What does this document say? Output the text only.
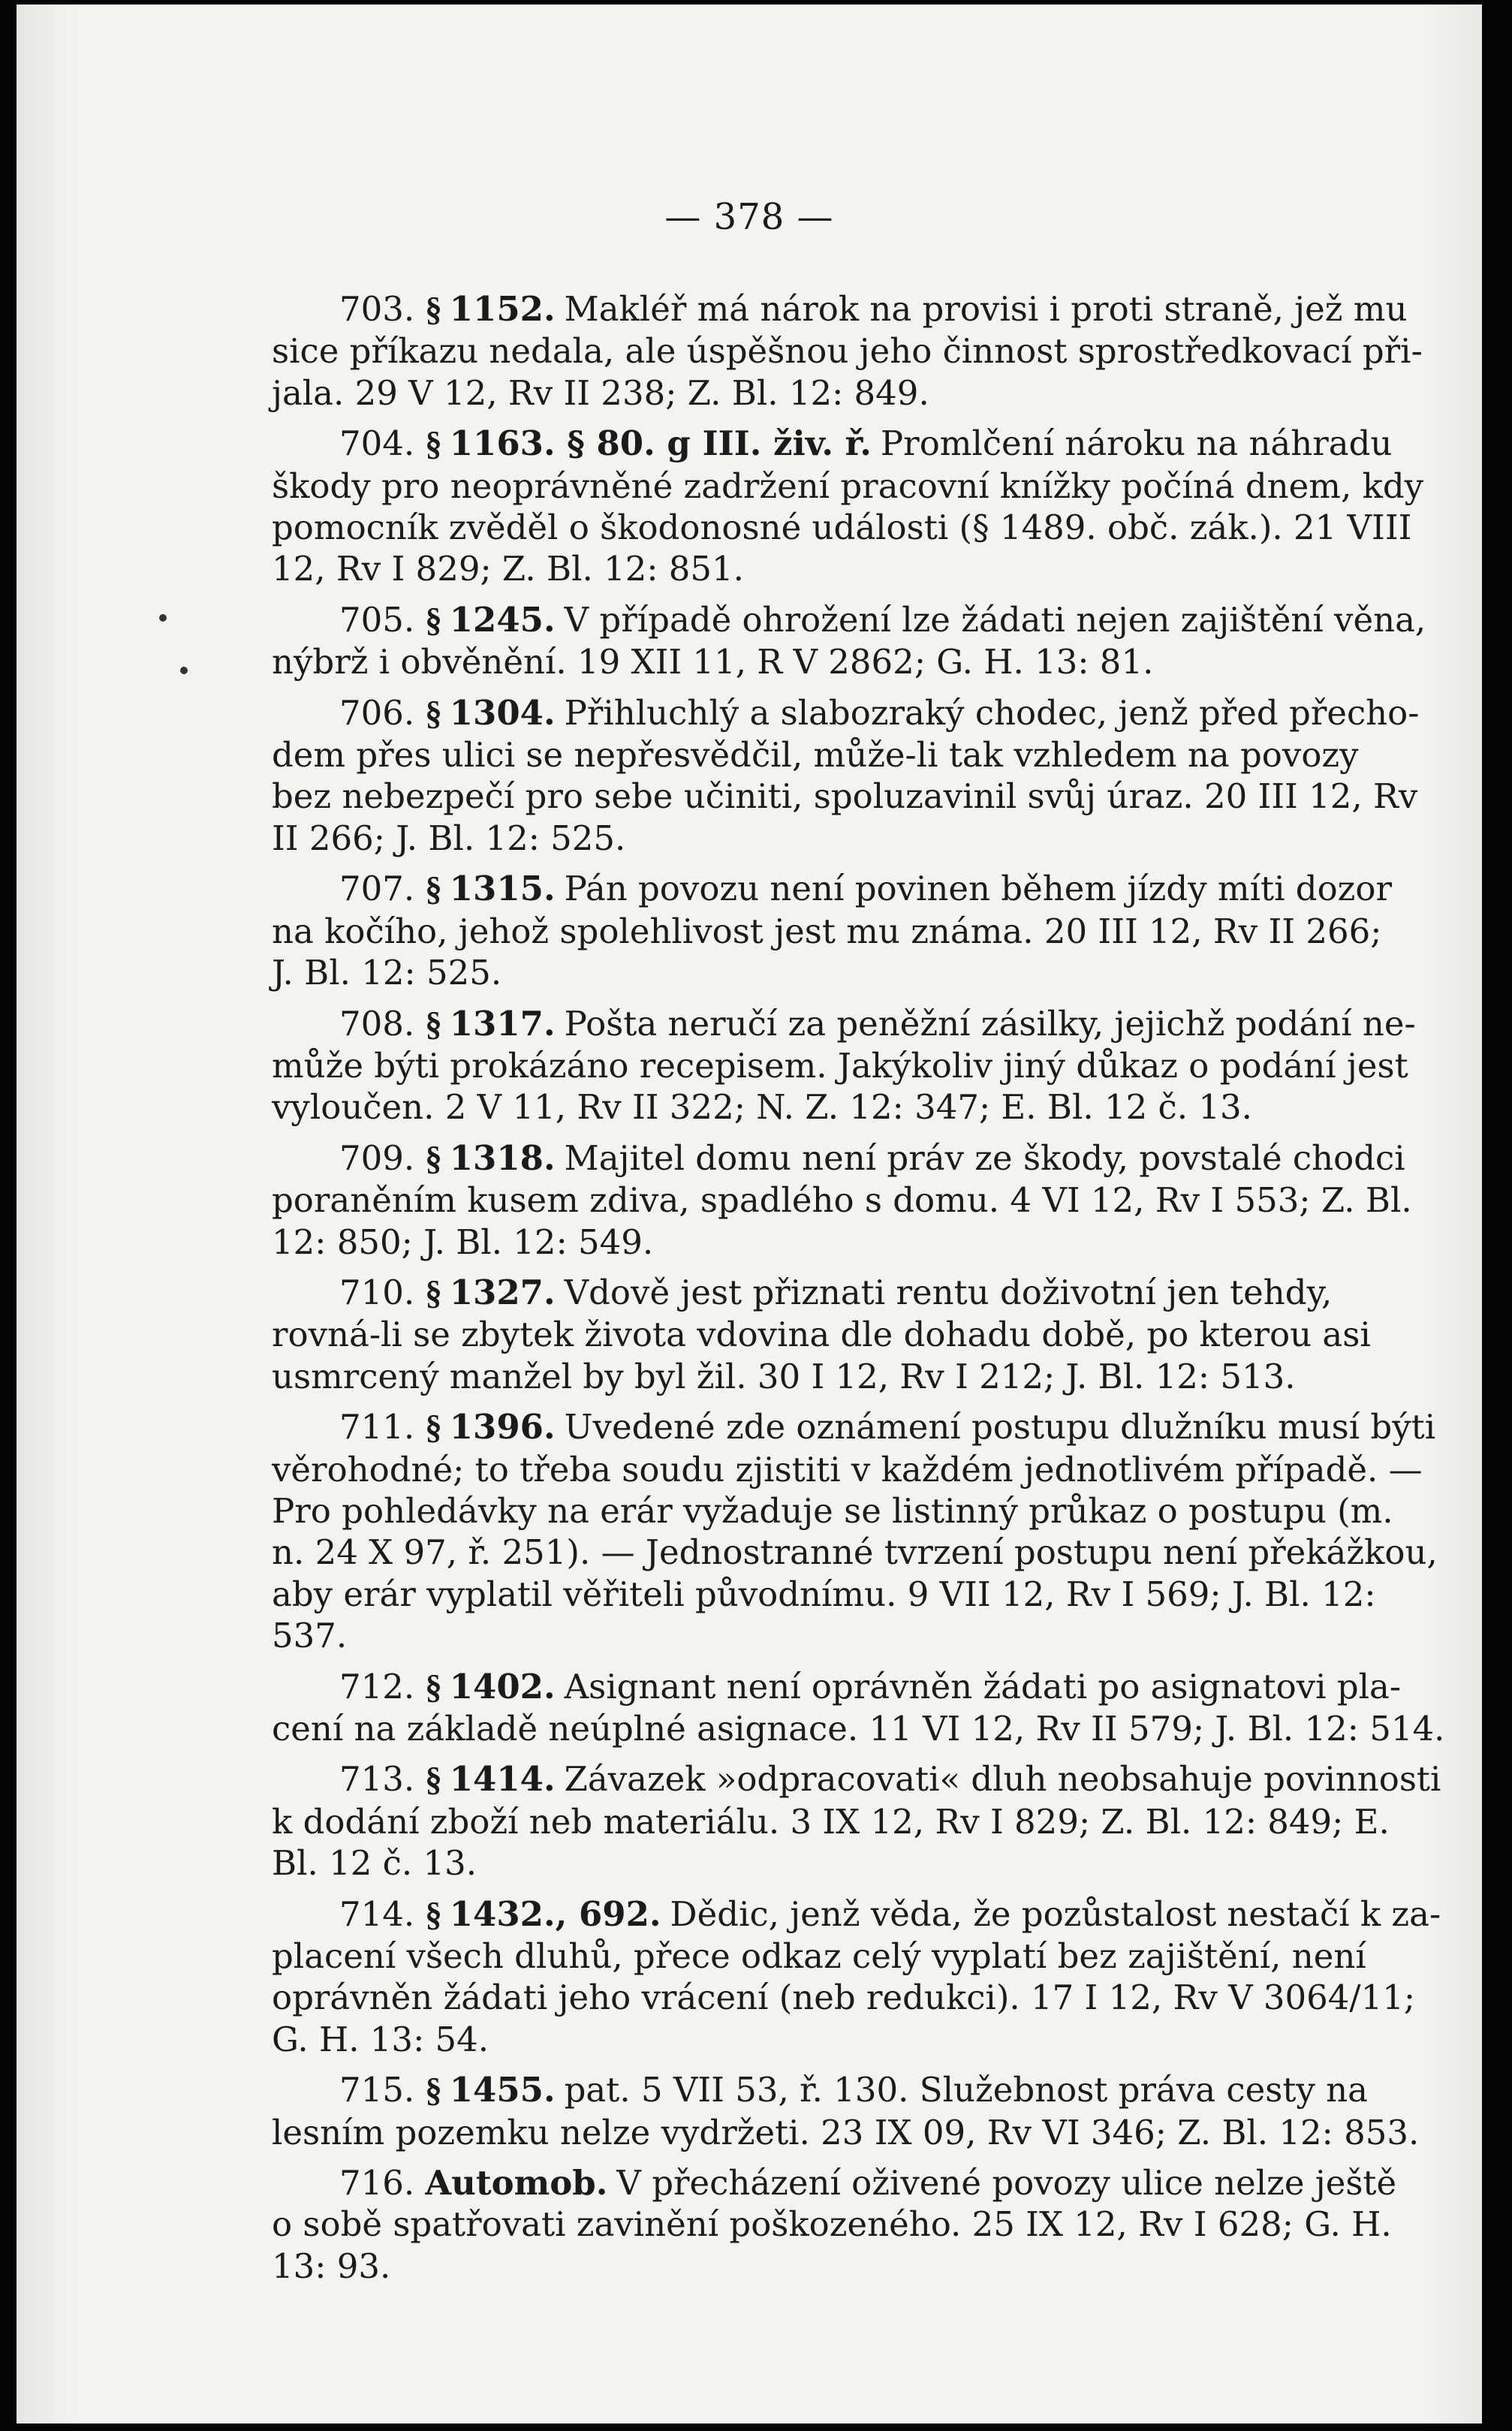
— 378 —
703. § 1152. Makléř má nárok na provisi i proti straně, jež mu
sice příkazu nedala, ale úspěšnou jeho činnost sprostředkovací při-
jala. 29 V 12, Rv II 238; Z. Bl. 12: 849.
704. § 1163. § 80. g III. živ. ř. Promlčení nároku na náhradu
škody pro neoprávněné zadržení pracovní knížky počíná dnem, kdy
pomocník zvěděl o škodonosné události (§ 1489. obč. zák.). 21 VIII
12, Rv I 829; Z. Bl. 12: 851.
705. § 1245. V případě ohrožení lze žádati nejen zajištění věna,
nýbrž i obvěnění. 19 XII 11, R V 2862; G. H. 13: 81.
706. § 1304. Přihluchlý a slabozraký chodec, jenž před přecho-
dem přes ulici se nepřesvědčil, může-li tak vzhledem na povozy
bez nebezpečí pro sebe učiniti, spoluzavinil svůj úraz. 20 III 12, Rv
II 266; J. Bl. 12: 525.
707. § 1315. Pán povozu není povinen během jízdy míti dozor
na kočího, jehož spolehlivost jest mu známa. 20 III 12, Rv II 266;
J. Bl. 12: 525.
708. § 1317. Pošta neručí za peněžní zásilky, jejichž podání ne-
může býti prokázáno recepisem. Jakýkoliv jiný důkaz o podání jest
vyloučen. 2 V 11, Rv II 322; N. Z. 12: 347; E. Bl. 12 č. 13.
709. § 1318. Majitel domu není práv ze škody, povstalé chodci
poraněním kusem zdiva, spadlého s domu. 4 VI 12, Rv I 553; Z. Bl.
12: 850; J. Bl. 12: 549.
710. § 1327. Vdově jest přiznati rentu doživotní jen tehdy,
rovná-li se zbytek života vdovina dle dohadu době, po kterou asi
usmrcený manžel by byl žil. 30 I 12, Rv I 212; J. Bl. 12: 513.
711. § 1396. Uvedené zde oznámení postupu dlužníku musí býti
věrohodné; to třeba soudu zjistiti v každém jednotlivém případě. —
Pro pohledávky na erár vyžaduje se listinný průkaz o postupu (m.
n. 24 X 97, ř. 251). — Jednostranné tvrzení postupu není překážkou,
aby erár vyplatil věřiteli původnímu. 9 VII 12, Rv I 569; J. Bl. 12:
537.
712. § 1402. Asignant není oprávněn žádati po asignatovi pla-
cení na základě neúplné asignace. 11 VI 12, Rv II 579; J. Bl. 12: 514.
713. § 1414. Závazek »odpracovati« dluh neobsahuje povinnosti
k dodání zboží neb materiálu. 3 IX 12, Rv I 829; Z. Bl. 12: 849; E.
Bl. 12 č. 13.
714. § 1432., 692. Dědic, jenž věda, že pozůstalost nestačí k za-
placení všech dluhů, přece odkaz celý vyplatí bez zajištění, není
oprávněn žádati jeho vrácení (neb redukci). 17 I 12, Rv V 3064/11;
G. H. 13: 54.
715. § 1455. pat. 5 VII 53, ř. 130. Služebnost práva cesty na
lesním pozemku nelze vydržeti. 23 IX 09, Rv VI 346; Z. Bl. 12: 853.
716. Automob. V přecházení oživené povozy ulice nelze ještě
o sobě spatřovati zavinění poškozeného. 25 IX 12, Rv I 628; G. H.
13: 93.
